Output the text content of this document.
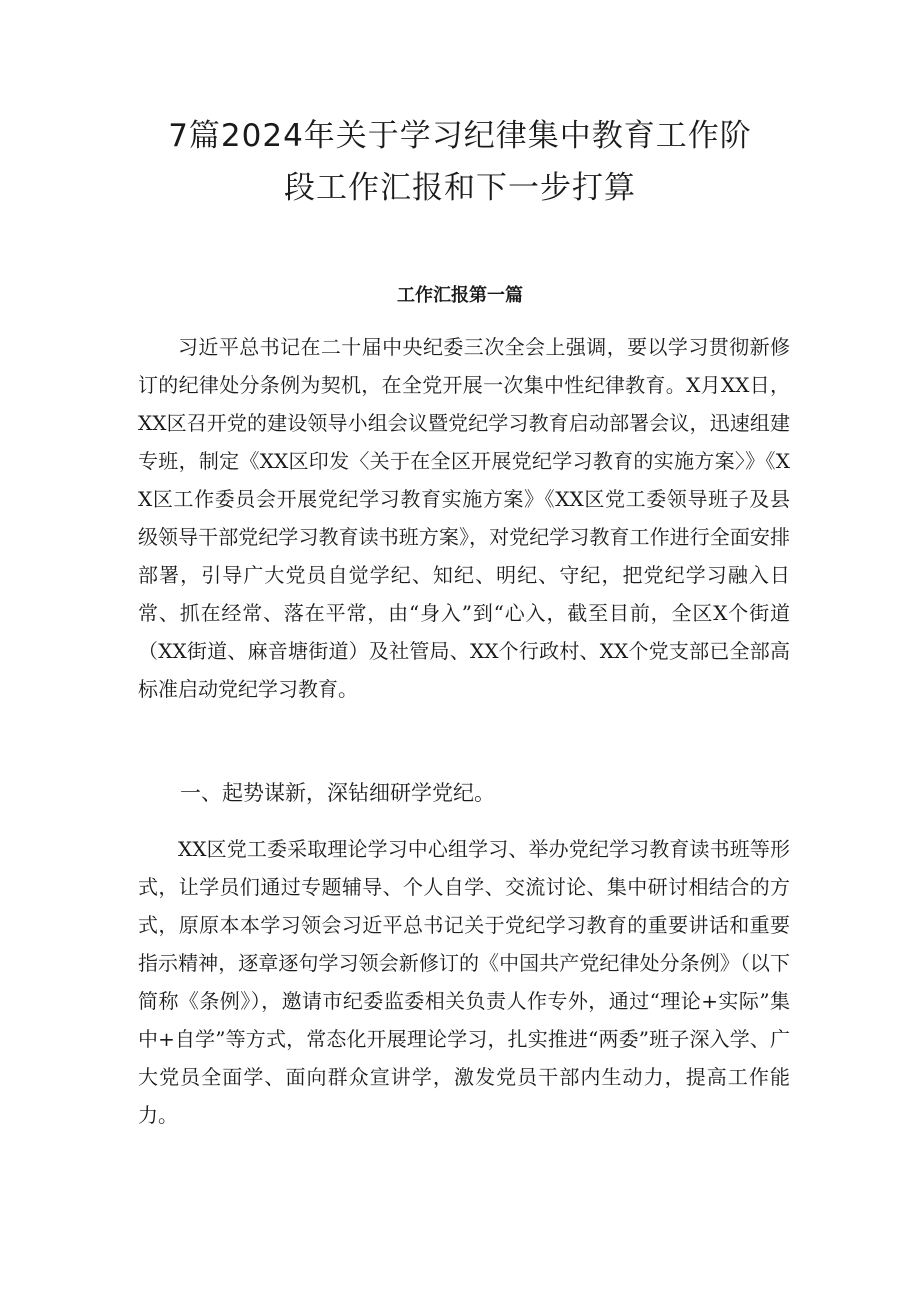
7篇2024年关于学习纪律集中教育工作阶
段工作汇报和下一步打算
工作汇报第一篇

习近平总书记在二十届中央纪委三次全会上强调，要以学习贯彻新修订的纪律处分条例为契机，在全党开展一次集中性纪律教育。X月XX日，XX区召开党的建设领导小组会议暨党纪学习教育启动部署会议，迅速组建专班，制定《XX区印发〈关于在全区开展党纪学习教育的实施方案〉》《XX区工作委员会开展党纪学习教育实施方案》《XX区党工委领导班子及县级领导干部党纪学习教育读书班方案》，对党纪学习教育工作进行全面安排部署，引导广大党员自觉学纪、知纪、明纪、守纪，把党纪学习融入日常、抓在经常、落在平常，由“身入”到“心入，截至目前，全区X个街道（XX街道、麻音塘街道）及社管局、XX个行政村、XX个党支部已全部高标准启动党纪学习教育。

一、起势谋新，深钻细研学党纪。

XX区党工委采取理论学习中心组学习、举办党纪学习教育读书班等形式，让学员们通过专题辅导、个人自学、交流讨论、集中研讨相结合的方式，原原本本学习领会习近平总书记关于党纪学习教育的重要讲话和重要指示精神，逐章逐句学习领会新修订的《中国共产党纪律处分条例》（以下简称《条例》），邀请市纪委监委相关负责人作专外，通过“理论+实际”集中+自学”等方式，常态化开展理论学习，扎实推进“两委”班子深入学、广大党员全面学、面向群众宣讲学，激发党员干部内生动力，提高工作能力。
